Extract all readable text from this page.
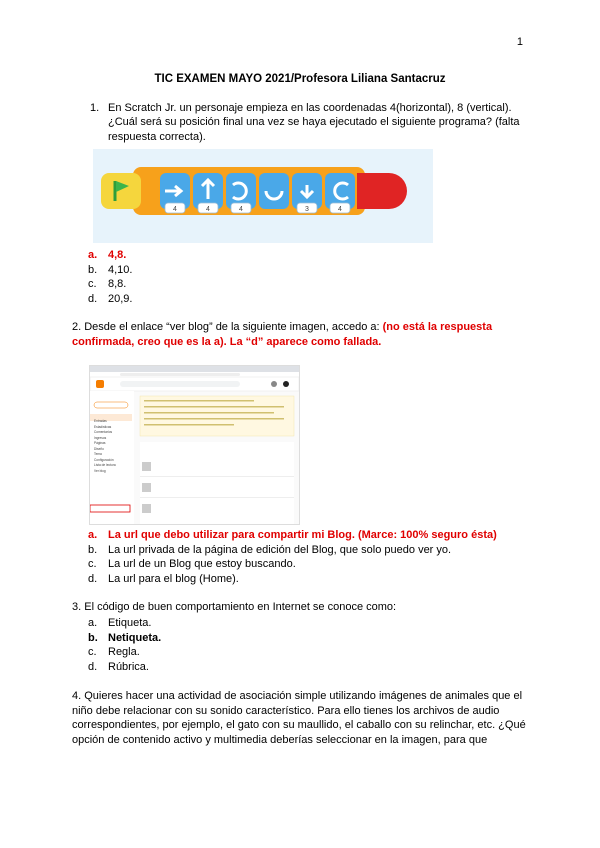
1
TIC EXAMEN MAYO 2021/Profesora Liliana Santacruz
1. En Scratch Jr. un personaje empieza en las coordenadas 4(horizontal), 8 (vertical). ¿Cuál será su posición final una vez se haya ejecutado el siguiente programa? (falta respuesta correcta).
4	4	4	3	4
a. 4,8.
b. 4,10.
c. 8,8.
d. 20,9.
2. Desde el enlace “ver blog” de la siguiente imagen, accedo a: (no está la respuesta confirmada, creo que es la a). La “d” aparece como fallada.
Entradas
Estadísticas
Comentarios
Ingresos
Páginas
Diseño
Tema
Configuración
Lista de lectura
Ver blog
a. La url que debo utilizar para compartir mi Blog. (Marce: 100% seguro ésta)
b. La url privada de la página de edición del Blog, que solo puedo ver yo.
c. La url de un Blog que estoy buscando.
d. La url para el blog (Home).
3. El código de buen comportamiento en Internet se conoce como:
a. Etiqueta.
b. Netiqueta.
c. Regla.
d. Rúbrica.
4. Quieres hacer una actividad de asociación simple utilizando imágenes de animales que el niño debe relacionar con su sonido característico. Para ello tienes los archivos de audio correspondientes, por ejemplo, el gato con su maullido, el caballo con su relinchar, etc. ¿Qué opción de contenido activo y multimedia deberías seleccionar en la imagen, para que
